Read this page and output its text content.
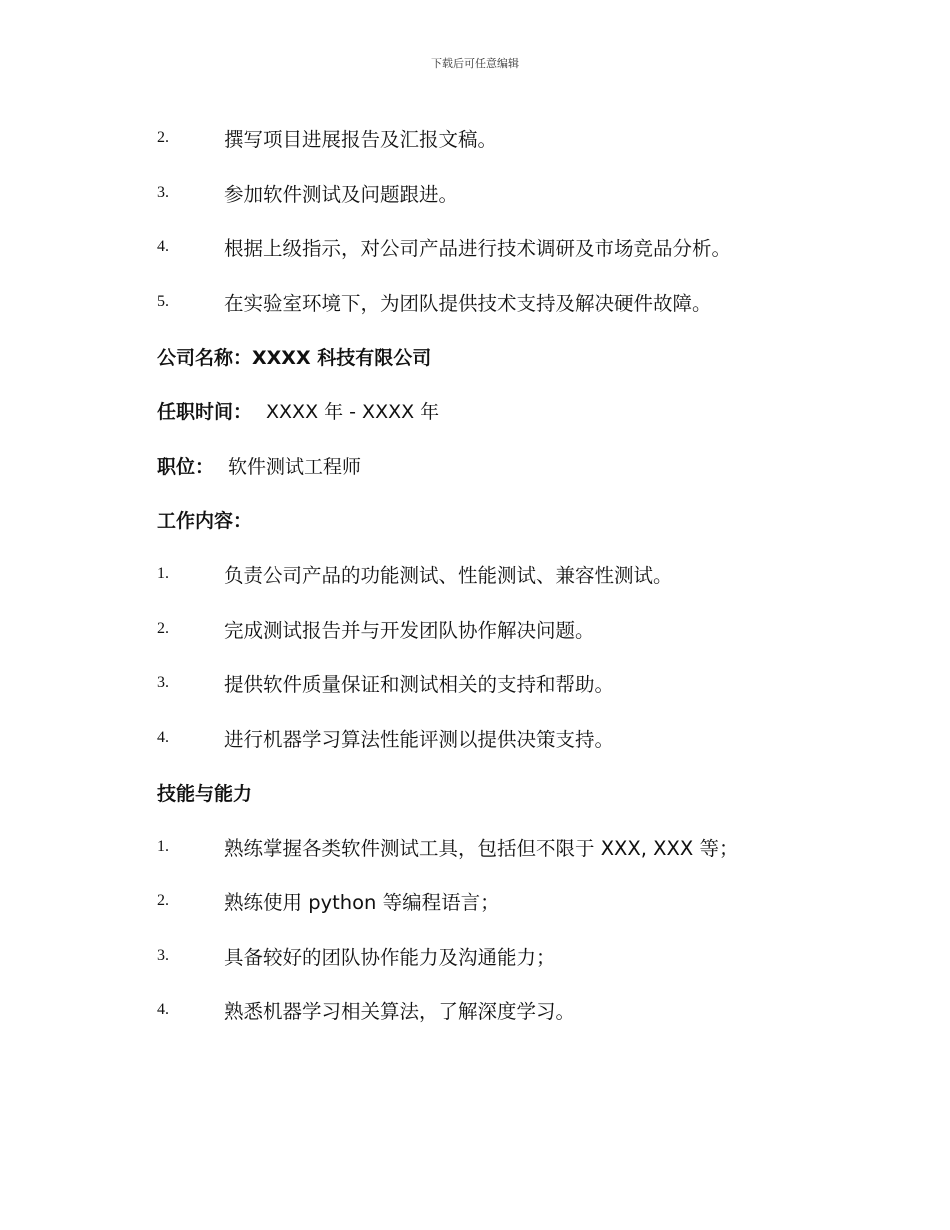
下载后可任意编辑
2.	撰写项目进展报告及汇报文稿。
3.	参加软件测试及问题跟进。
4.	根据上级指示，对公司产品进行技术调研及市场竞品分析。
5.	在实验室环境下，为团队提供技术支持及解决硬件故障。
公司名称：XXXX 科技有限公司
任职时间： XXXX 年 - XXXX 年
职位： 软件测试工程师
工作内容：
1.	负责公司产品的功能测试、性能测试、兼容性测试。
2.	完成测试报告并与开发团队协作解决问题。
3.	提供软件质量保证和测试相关的支持和帮助。
4.	进行机器学习算法性能评测以提供决策支持。
技能与能力
1.	熟练掌握各类软件测试工具，包括但不限于 XXX, XXX 等；
2.	熟练使用 python 等编程语言；
3.	具备较好的团队协作能力及沟通能力；
4.	熟悉机器学习相关算法，了解深度学习。
